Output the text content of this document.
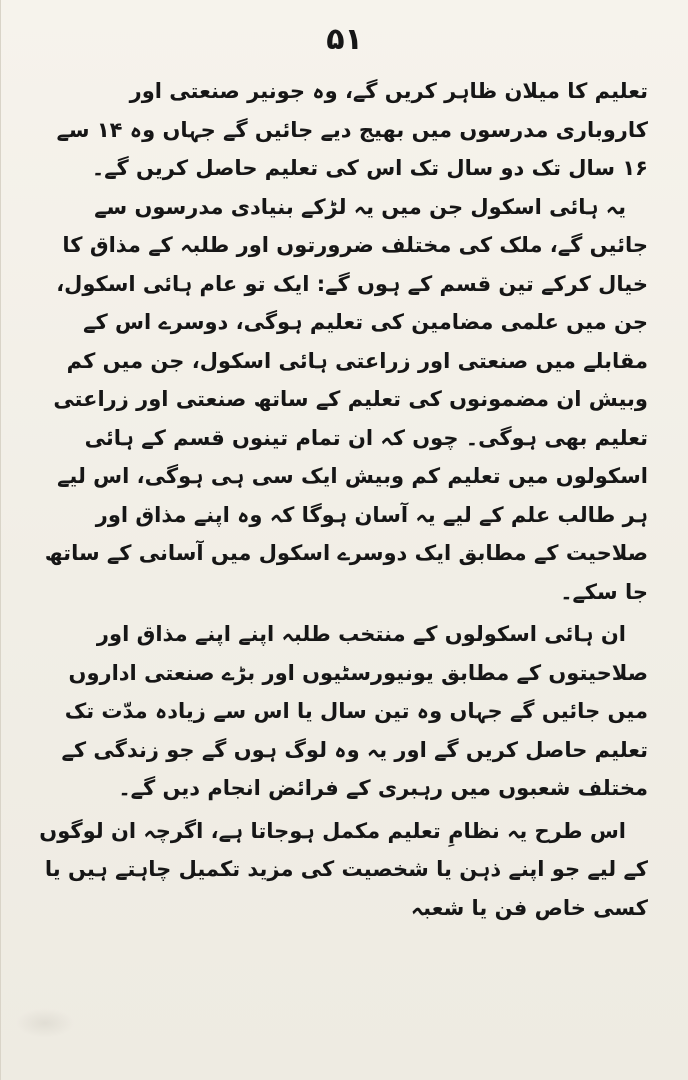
۵۱

تعلیم کا میلان ظاہر کریں گے، وہ جونیر صنعتی اور کاروباری مدرسوں میں بھیج دیے جائیں گے جہاں وہ ۱۴ سے ۱۶ سال تک دو سال تک اس کی تعلیم حاصل کریں گے۔

یہ ہائی اسکول جن میں یہ لڑکے بنیادی مدرسوں سے جائیں گے، ملک کی مختلف ضرورتوں اور طلبہ کے مذاق کا خیال کرکے تین قسم کے ہوں گے: ایک تو عام ہائی اسکول، جن میں علمی مضامین کی تعلیم ہوگی، دوسرے اس کے مقابلے میں صنعتی اور زراعتی ہائی اسکول، جن میں کم وبیش ان مضمونوں کی تعلیم کے ساتھ صنعتی اور زراعتی تعلیم بھی ہوگی۔ چوں کہ ان تمام تینوں قسم کے ہائی اسکولوں میں تعلیم کم وبیش ایک سی ہی ہوگی، اس لیے ہر طالب علم کے لیے یہ آسان ہوگا کہ وہ اپنے مذاق اور صلاحیت کے مطابق ایک دوسرے اسکول میں آسانی کے ساتھ جا سکے۔

ان ہائی اسکولوں کے منتخب طلبہ اپنے اپنے مذاق اور صلاحیتوں کے مطابق یونیورسٹیوں اور بڑے صنعتی اداروں میں جائیں گے جہاں وہ تین سال یا اس سے زیادہ مدّت تک تعلیم حاصل کریں گے اور یہ وہ لوگ ہوں گے جو زندگی کے مختلف شعبوں میں رہبری کے فرائض انجام دیں گے۔

اس طرح یہ نظامِ تعلیم مکمل ہوجاتا ہے، اگرچہ ان لوگوں کے لیے جو اپنے ذہن یا شخصیت کی مزید تکمیل چاہتے ہیں یا کسی خاص فن یا شعبہ
